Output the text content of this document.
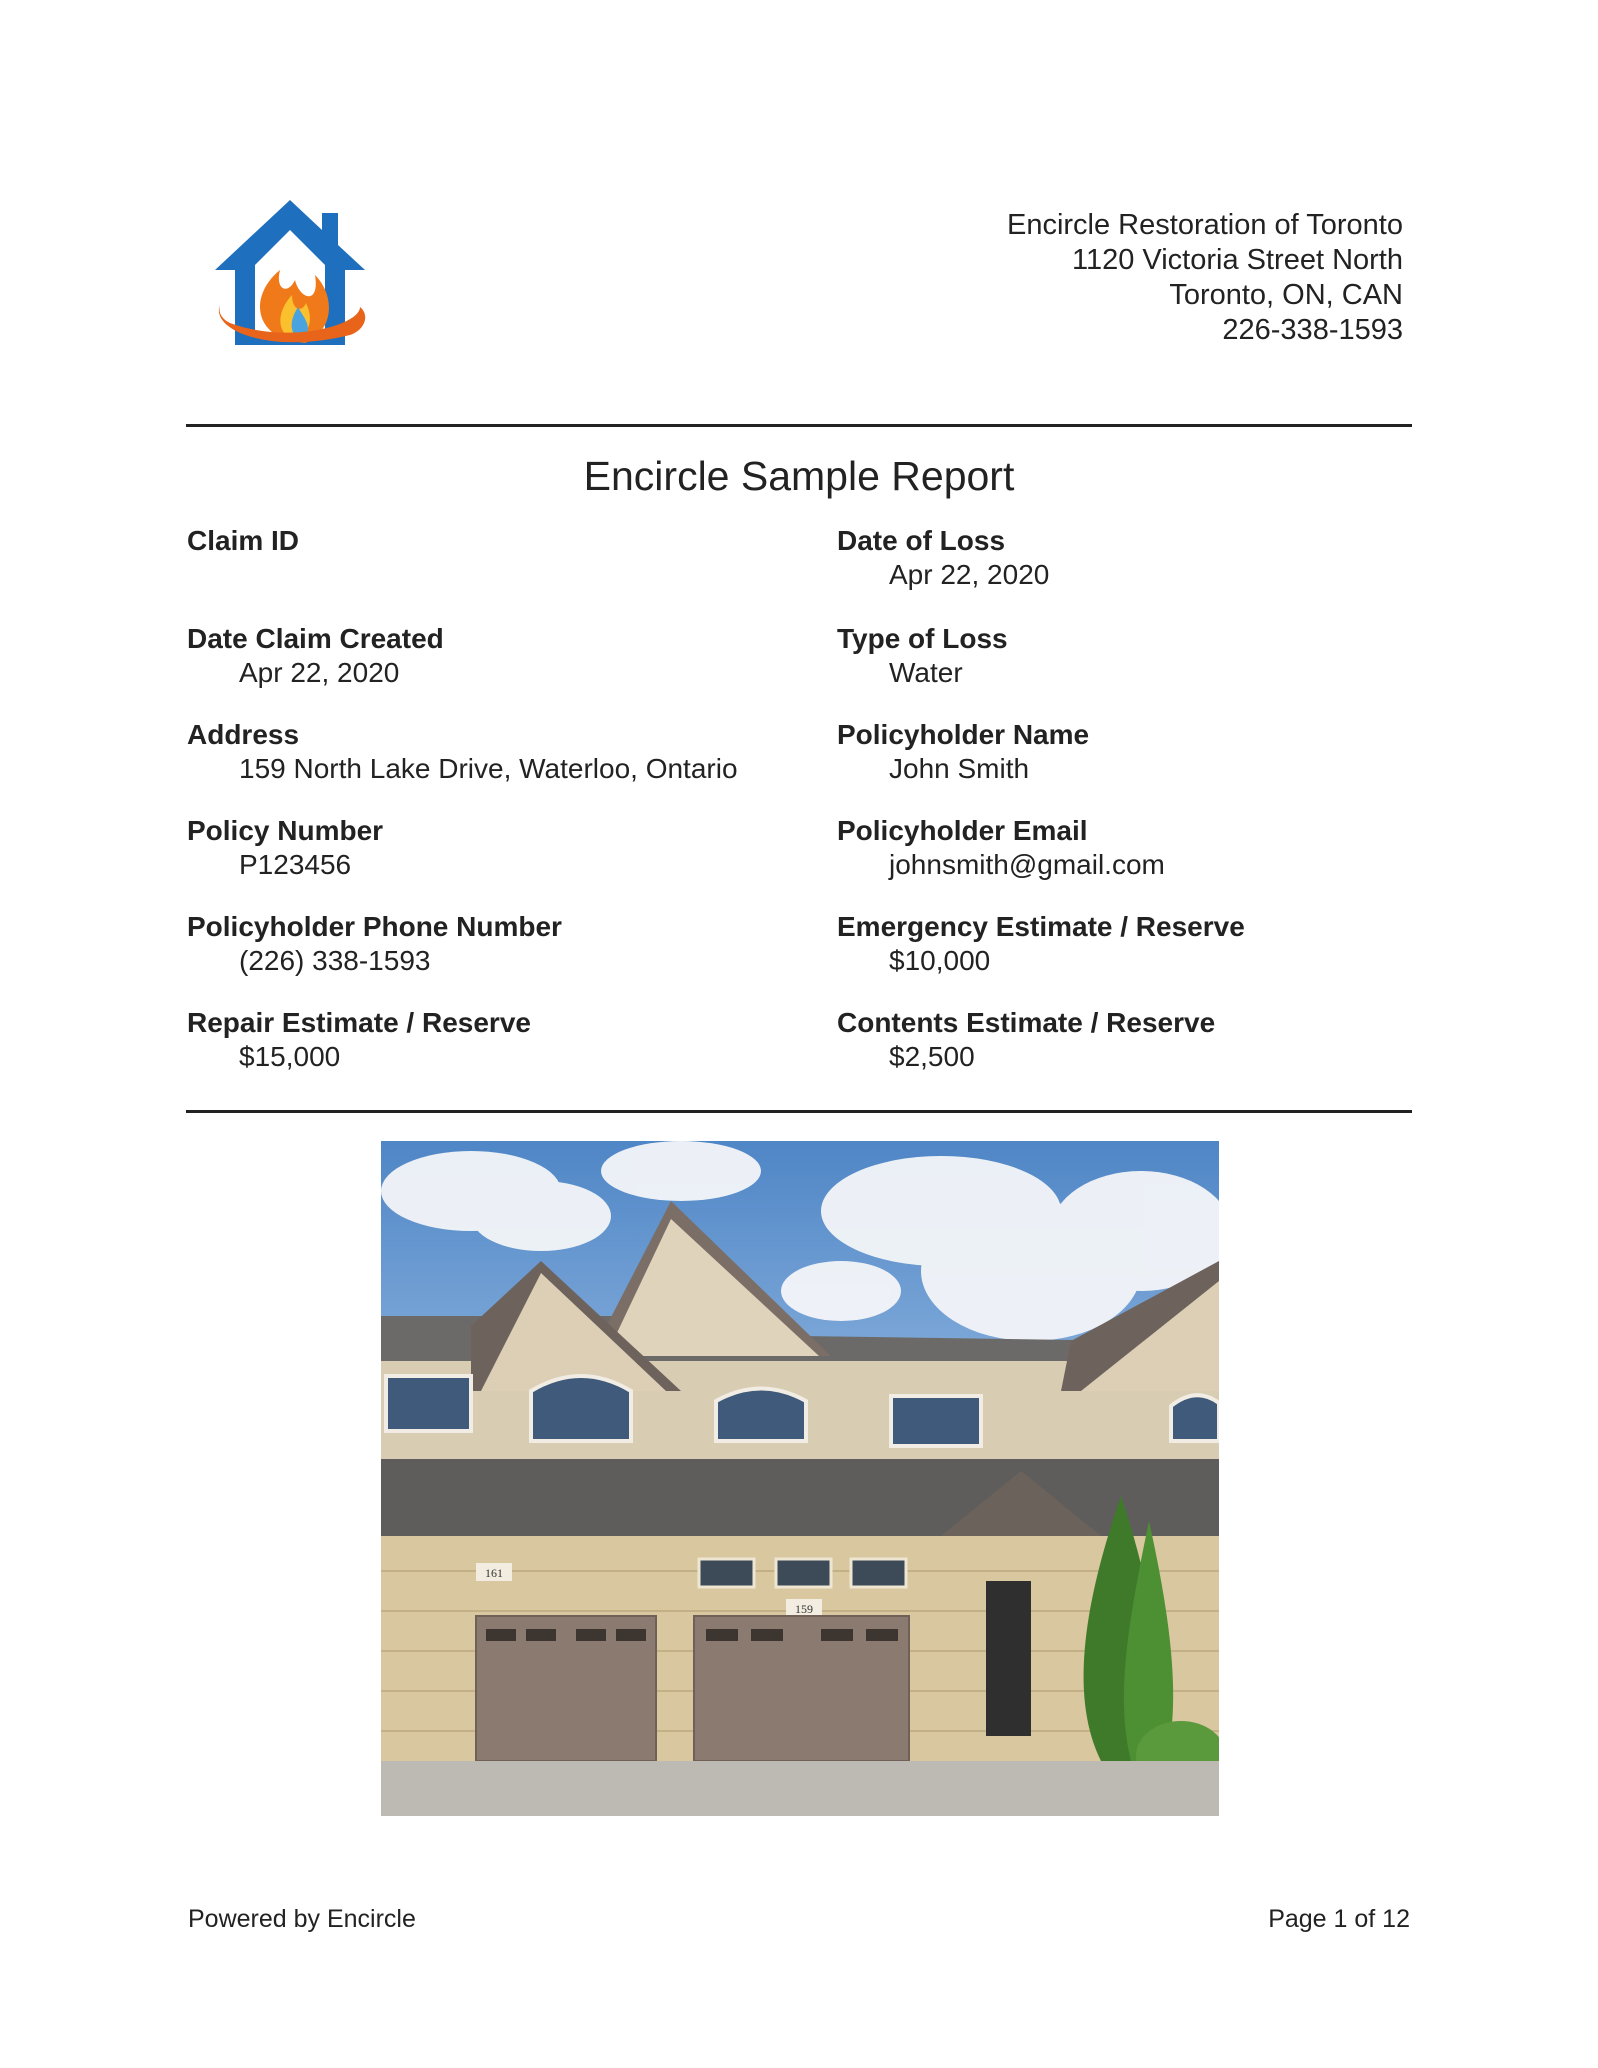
Encircle Restoration of Toronto
1120 Victoria Street North
Toronto, ON, CAN
226-338-1593
Encircle Sample Report
Claim ID
Date Claim Created
Apr 22, 2020
Address
159 North Lake Drive, Waterloo, Ontario
Policy Number
P123456
Policyholder Phone Number
(226) 338-1593
Repair Estimate / Reserve
$15,000
Date of Loss
Apr 22, 2020
Type of Loss
Water
Policyholder Name
John Smith
Policyholder Email
johnsmith@gmail.com
Emergency Estimate / Reserve
$10,000
Contents Estimate / Reserve
$2,500
161
159
Powered by Encircle	Page 1 of 12
